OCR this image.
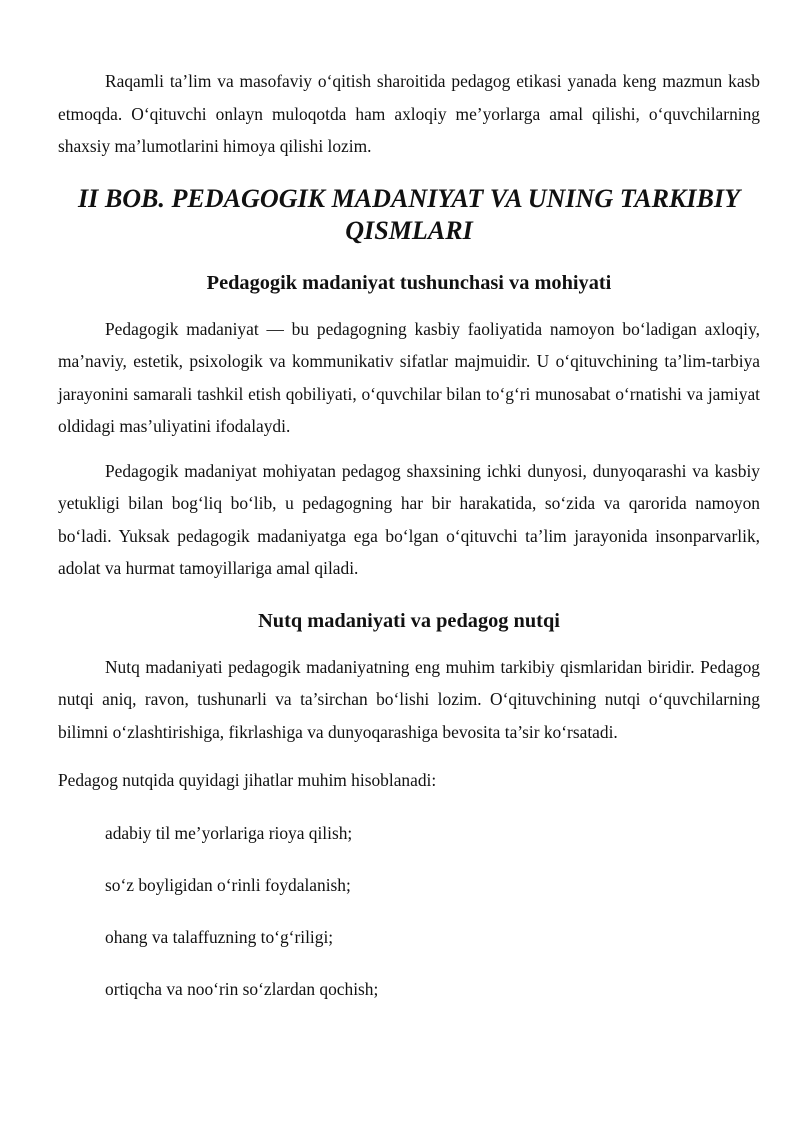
Raqamli ta’lim va masofaviy o‘qitish sharoitida pedagog etikasi yanada keng mazmun kasb etmoqda. O‘qituvchi onlayn muloqotda ham axloqiy me’yorlarga amal qilishi, o‘quvchilarning shaxsiy ma’lumotlarini himoya qilishi lozim.

II BOB. PEDAGOGIK MADANIYAT VA UNING TARKIBIY QISMLARI
Pedagogik madaniyat tushunchasi va mohiyati

Pedagogik madaniyat — bu pedagogning kasbiy faoliyatida namoyon bo‘ladigan axloqiy, ma’naviy, estetik, psixologik va kommunikativ sifatlar majmuidir. U o‘qituvchining ta’lim-tarbiya jarayonini samarali tashkil etish qobiliyati, o‘quvchilar bilan to‘g‘ri munosabat o‘rnatishi va jamiyat oldidagi mas’uliyatini ifodalaydi.

Pedagogik madaniyat mohiyatan pedagog shaxsining ichki dunyosi, dunyoqarashi va kasbiy yetukligi bilan bog‘liq bo‘lib, u pedagogning har bir harakatida, so‘zida va qarorida namoyon bo‘ladi. Yuksak pedagogik madaniyatga ega bo‘lgan o‘qituvchi ta’lim jarayonida insonparvarlik, adolat va hurmat tamoyillariga amal qiladi.

Nutq madaniyati va pedagog nutqi

Nutq madaniyati pedagogik madaniyatning eng muhim tarkibiy qismlaridan biridir. Pedagog nutqi aniq, ravon, tushunarli va ta’sirchan bo‘lishi lozim. O‘qituvchining nutqi o‘quvchilarning bilimni o‘zlashtirishiga, fikrlashiga va dunyoqarashiga bevosita ta’sir ko‘rsatadi.

Pedagog nutqida quyidagi jihatlar muhim hisoblanadi:

adabiy til me’yorlariga rioya qilish;
so‘z boyligidan o‘rinli foydalanish;
ohang va talaffuzning to‘g‘riligi;
ortiqcha va noo‘rin so‘zlardan qochish;
